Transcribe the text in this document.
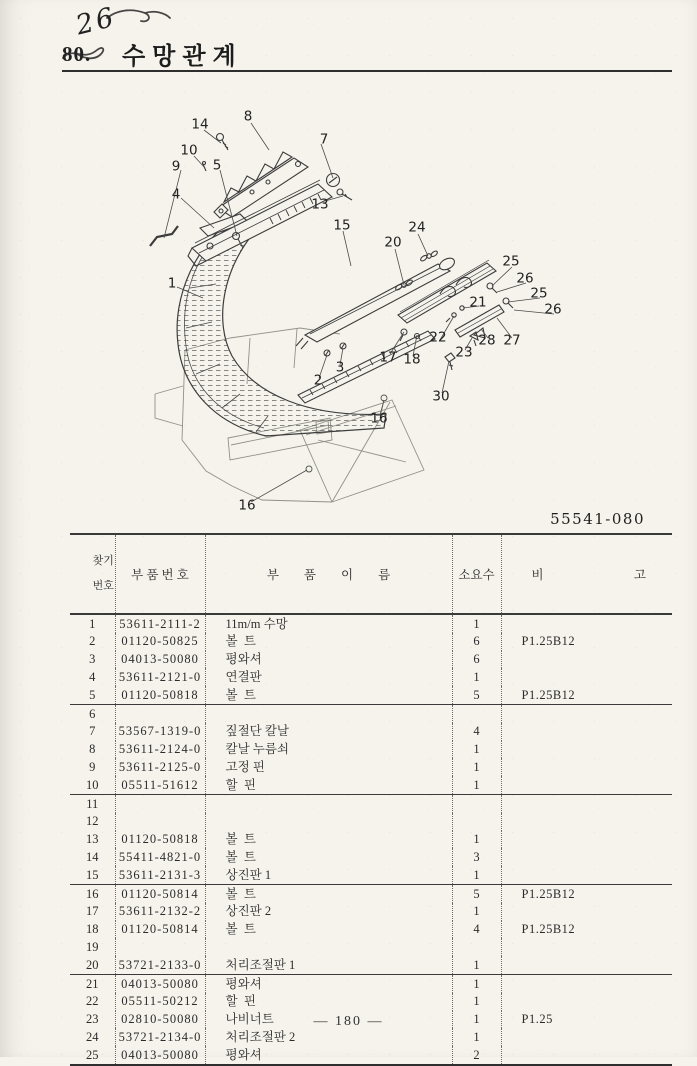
26
80. 수망관계
14	8
7
10
9 5
4
13
15
1
20
24
25
26
25
26
21
22
23
28 27
17 18
30
2
3
16
16
55541-080

찾기

번호	부 품 번 호	부        품        이        름	소요수	비 고

1	53611-2111-2	11m/m 수망	1	
2	01120-50825	볼  트	6	P1.25B12
3	04013-50080	평와셔	6	
4	53611-2121-0	연결판	1	
5	01120-50818	볼  트	5	P1.25B12
6				
7	53567-1319-0	짚절단 칼날	4	
8	53611-2124-0	칼날 누름쇠	1	
9	53611-2125-0	고정 핀	1	
10	05511-51612	할  핀	1	
11				
12				
13	01120-50818	볼  트	1	
14	55411-4821-0	볼  트	3	
15	53611-2131-3	상진판 1	1	
16	01120-50814	볼  트	5	P1.25B12
17	53611-2132-2	상진판 2	1	
18	01120-50814	볼  트	4	P1.25B12
19				
20	53721-2133-0	처리조절판 1	1	
21	04013-50080	평와셔	1	
22	05511-50212	할  핀	1	
23	02810-50080	나비너트	1	P1.25
24	53721-2134-0	처리조절판 2	1	
25	04013-50080	평와셔	2	
— 180 —
